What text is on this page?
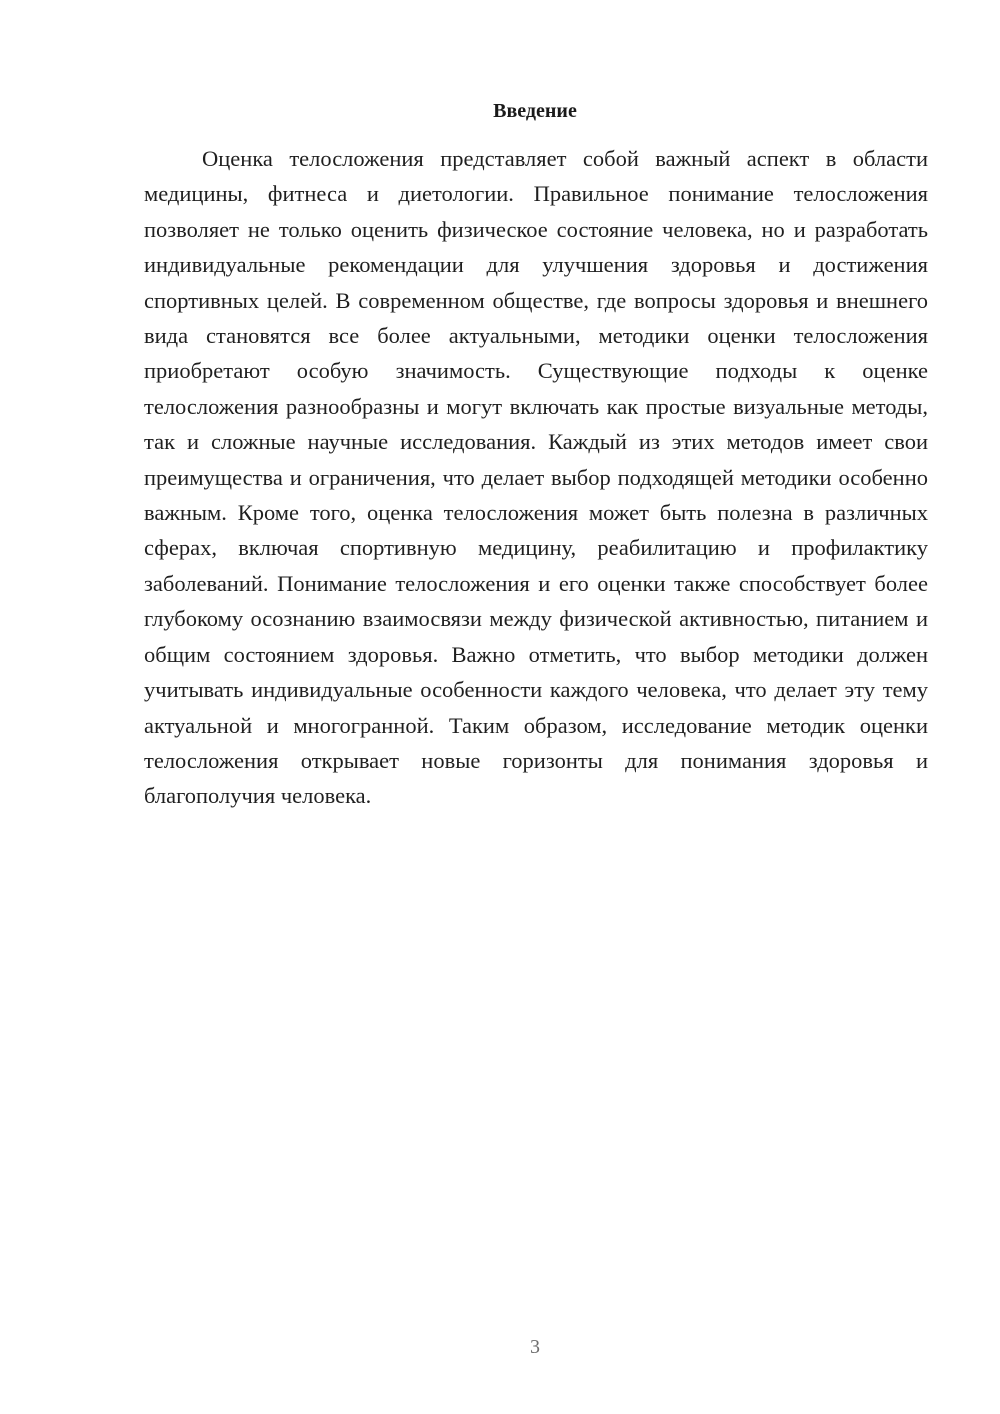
Введение

Оценка телосложения представляет собой важный аспект в области медицины, фитнеса и диетологии. Правильное понимание телосложения позволяет не только оценить физическое состояние человека, но и разработать индивидуальные рекомендации для улучшения здоровья и достижения спортивных целей. В современном обществе, где вопросы здоровья и внешнего вида становятся все более актуальными, методики оценки телосложения приобретают особую значимость. Существующие подходы к оценке телосложения разнообразны и могут включать как простые визуальные методы, так и сложные научные исследования. Каждый из этих методов имеет свои преимущества и ограничения, что делает выбор подходящей методики особенно важным. Кроме того, оценка телосложения может быть полезна в различных сферах, включая спортивную медицину, реабилитацию и профилактику заболеваний. Понимание телосложения и его оценки также способствует более глубокому осознанию взаимосвязи между физической активностью, питанием и общим состоянием здоровья. Важно отметить, что выбор методики должен учитывать индивидуальные особенности каждого человека, что делает эту тему актуальной и многогранной. Таким образом, исследование методик оценки телосложения открывает новые горизонты для понимания здоровья и благополучия человека.

3
